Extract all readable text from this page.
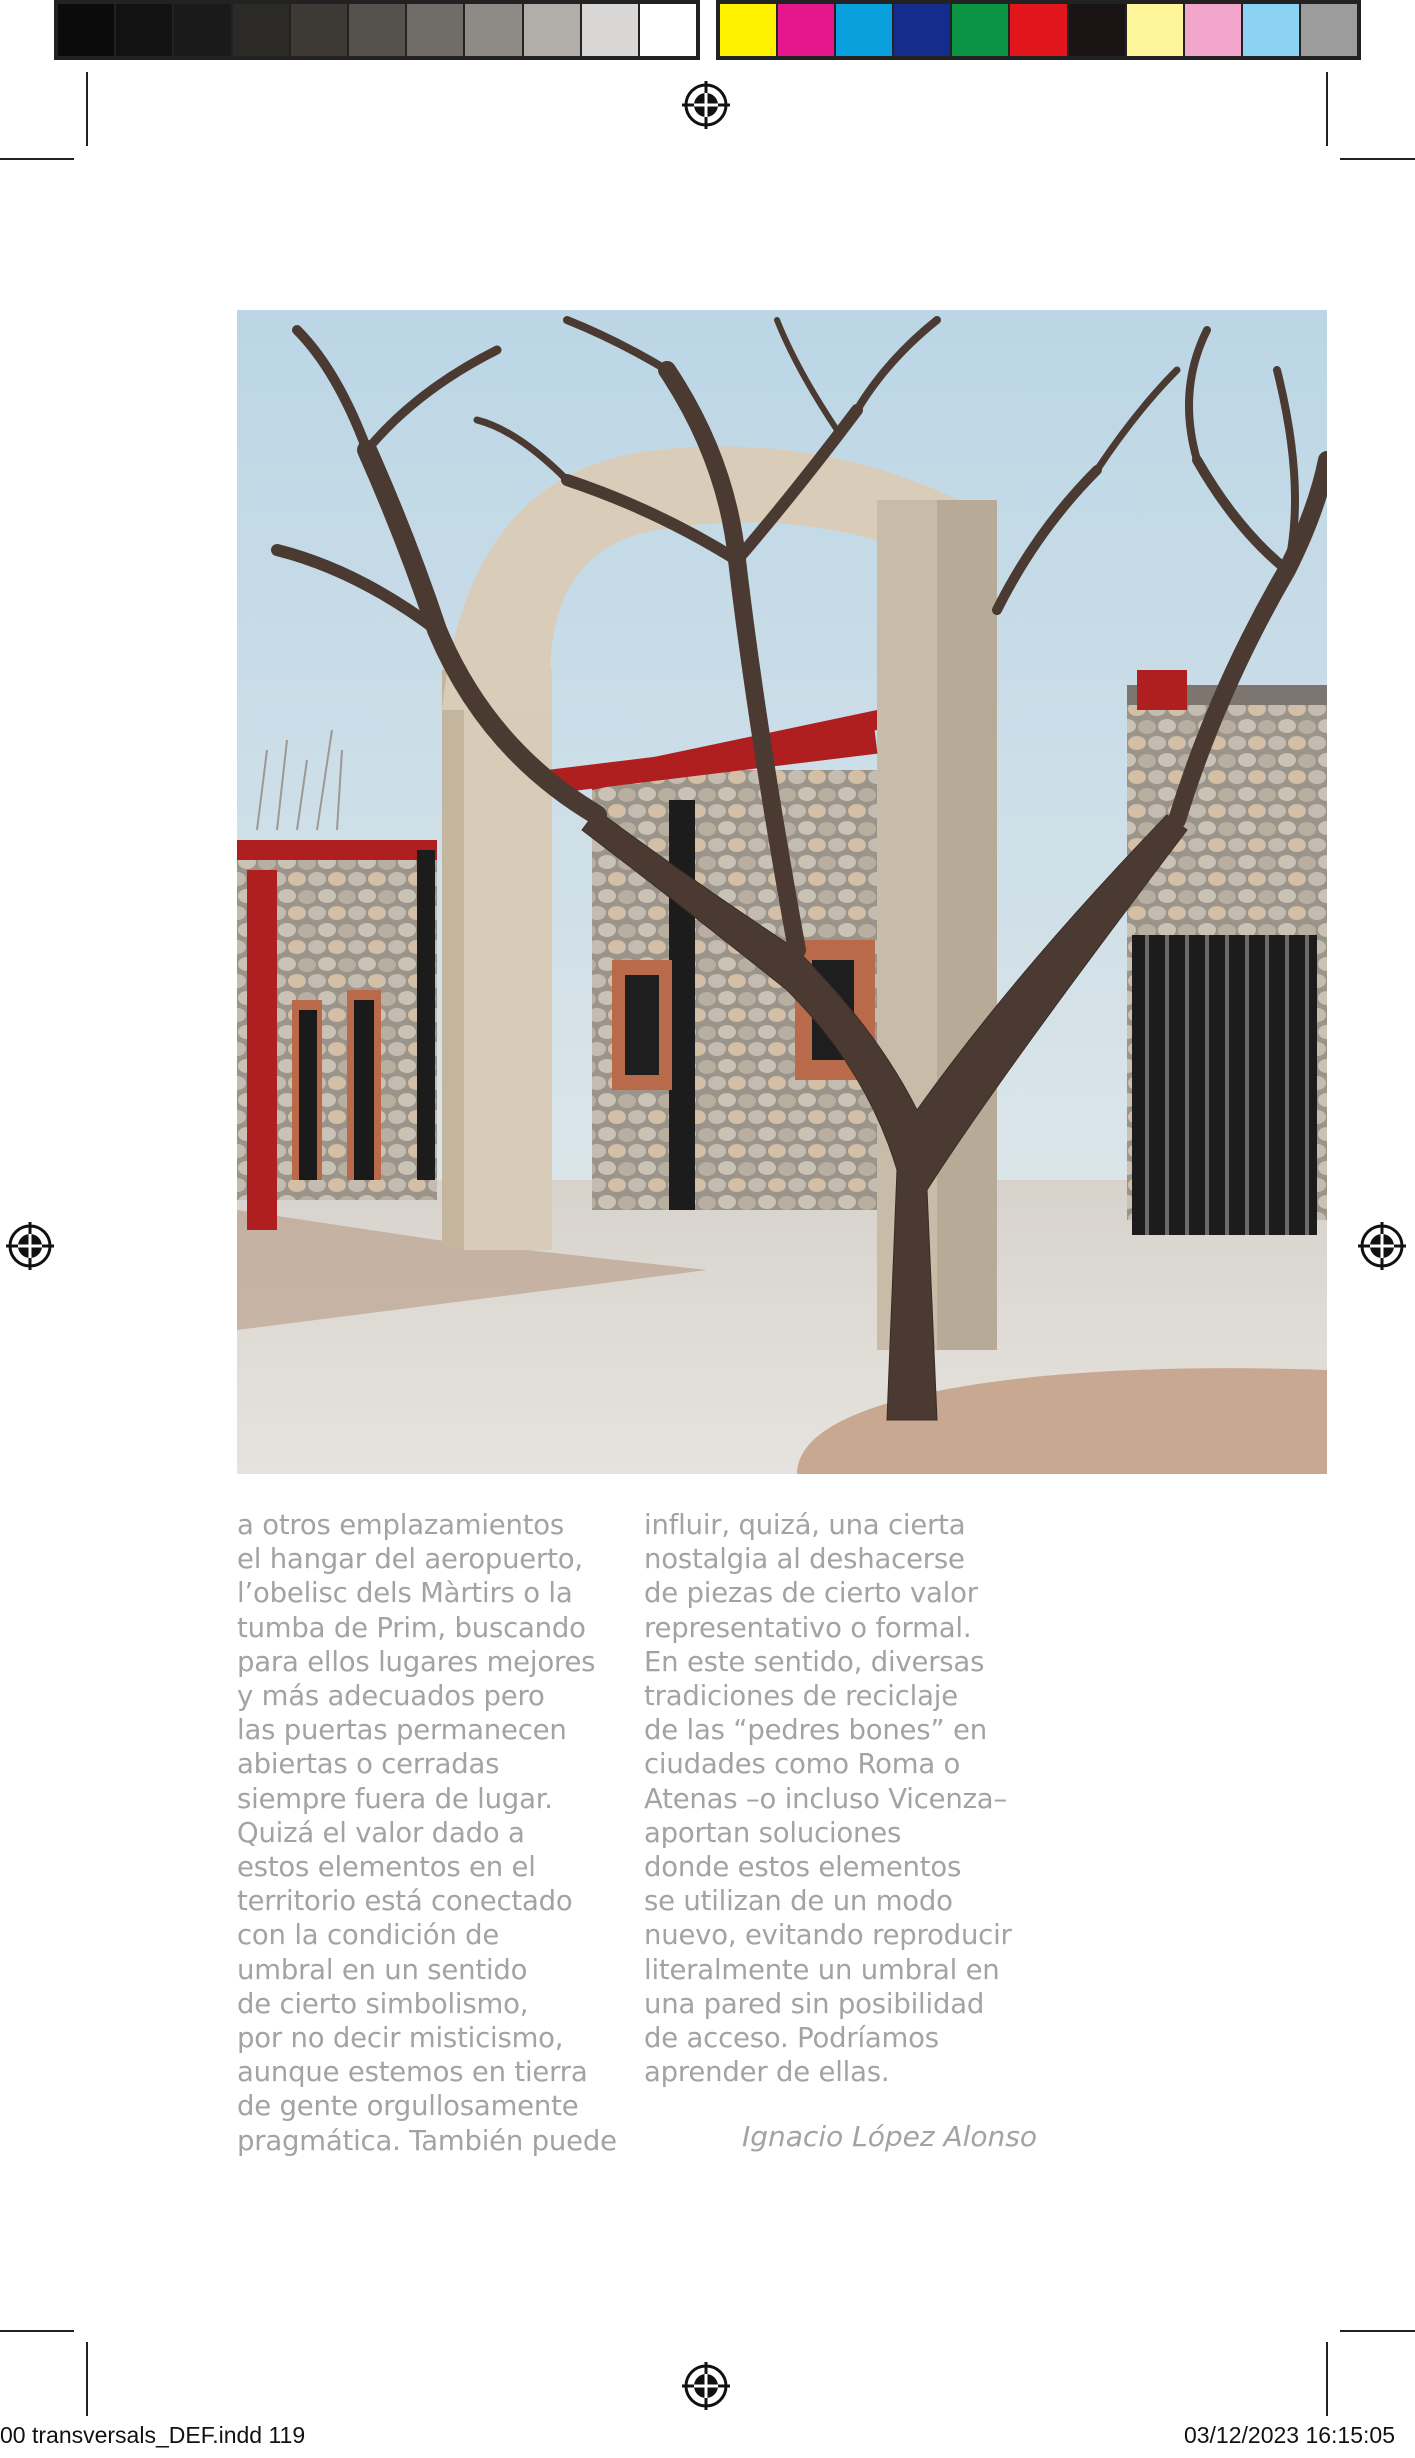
a otros emplazamientos
el hangar del aeropuerto,
l’obelisc dels Màrtirs o la
tumba de Prim, buscando
para ellos lugares mejores
y más adecuados pero
las puertas permanecen
abiertas o cerradas
siempre fuera de lugar.
Quizá el valor dado a
estos elementos en el
territorio está conectado
con la condición de
umbral en un sentido
de cierto simbolismo,
por no decir misticismo,
aunque estemos en tierra
de gente orgullosamente
pragmática. También puede
influir, quizá, una cierta
nostalgia al deshacerse
de piezas de cierto valor
representativo o formal.
En este sentido, diversas
tradiciones de reciclaje
de las “pedres bones” en
ciudades como Roma o
Atenas –o incluso Vicenza–
aportan soluciones
donde estos elementos
se utilizan de un modo
nuevo, evitando reproducir
literalmente un umbral en
una pared sin posibilidad
de acceso. Podríamos
aprender de ellas.
Ignacio López Alonso
00 transversals_DEF.indd 119	03/12/2023 16:15:05
